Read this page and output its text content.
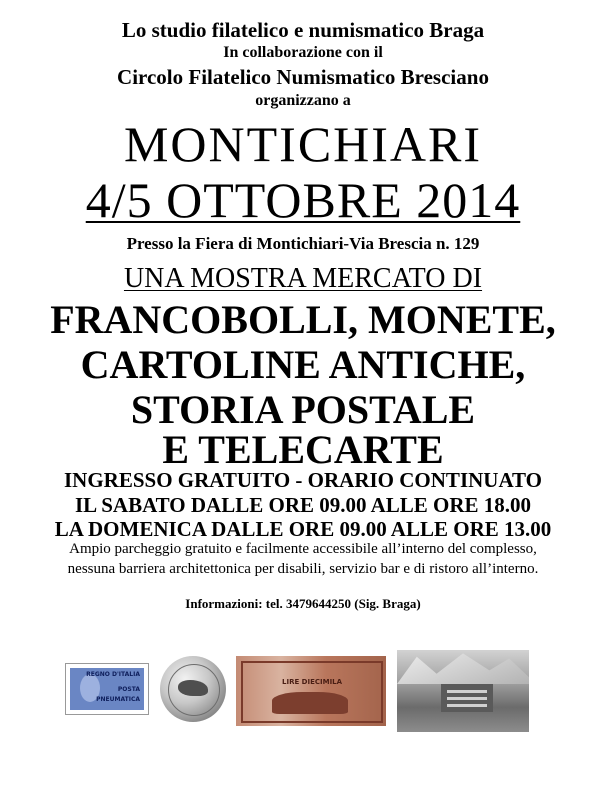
Lo studio filatelico e numismatico Braga
In collaborazione con il
Circolo Filatelico Numismatico Bresciano
organizzano a
MONTICHIARI
4/5 OTTOBRE 2014
Presso la Fiera di Montichiari-Via Brescia n. 129
UNA MOSTRA MERCATO DI
FRANCOBOLLI, MONETE,
CARTOLINE ANTICHE,
STORIA POSTALE
E TELECARTE
INGRESSO GRATUITO - ORARIO CONTINUATO
IL SABATO DALLE ORE 09.00 ALLE ORE 18.00
LA DOMENICA DALLE ORE 09.00 ALLE ORE 13.00
Ampio parcheggio gratuito e facilmente accessibile all’interno del complesso,
nessuna barriera architettonica per disabili, servizio bar e di ristoro all’interno.
Informazioni: tel. 3479644250 (Sig. Braga)
REGNO D'ITALIA
POSTA
PNEUMATICA
LIRE DIECIMILA
